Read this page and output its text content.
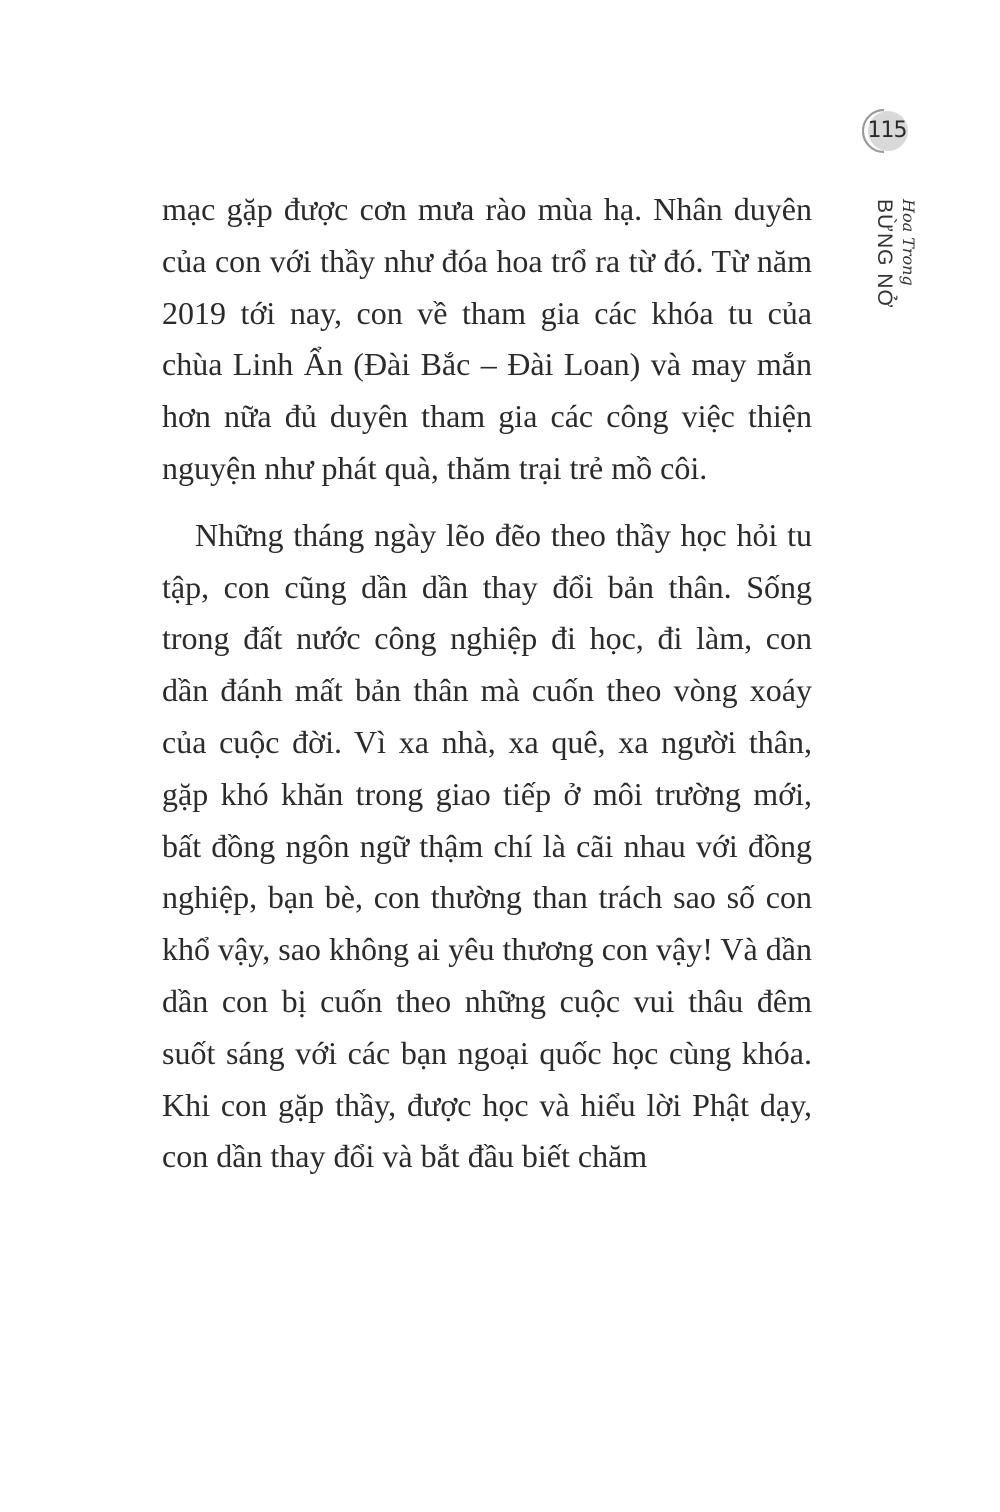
115
Hoa Trong
BỪNG NỞ

mạc gặp được cơn mưa rào mùa hạ. Nhân duyên của con với thầy như đóa hoa trổ ra từ đó. Từ năm 2019 tới nay, con về tham gia các khóa tu của chùa Linh Ẩn (Đài Bắc – Đài Loan) và may mắn hơn nữa đủ duyên tham gia các công việc thiện nguyện như phát quà, thăm trại trẻ mồ côi.

Những tháng ngày lẽo đẽo theo thầy học hỏi tu tập, con cũng dần dần thay đổi bản thân. Sống trong đất nước công nghiệp đi học, đi làm, con dần đánh mất bản thân mà cuốn theo vòng xoáy của cuộc đời. Vì xa nhà, xa quê, xa người thân, gặp khó khăn trong giao tiếp ở môi trường mới, bất đồng ngôn ngữ thậm chí là cãi nhau với đồng nghiệp, bạn bè, con thường than trách sao số con khổ vậy, sao không ai yêu thương con vậy! Và dần dần con bị cuốn theo những cuộc vui thâu đêm suốt sáng với các bạn ngoại quốc học cùng khóa. Khi con gặp thầy, được học và hiểu lời Phật dạy, con dần thay đổi và bắt đầu biết chăm
